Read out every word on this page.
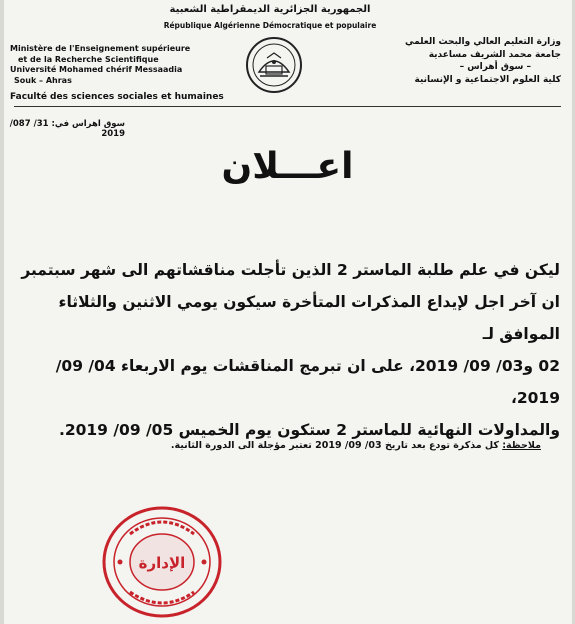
الجمهورية الجزائرية الديمقراطية الشعبية
République Algérienne Démocratique et populaire
Ministère de l'Enseignement supérieure
et de la Recherche Scientifique
Université Mohamed chérif Messaadia
Souk – Ahras
Faculté des sciences sociales et humaines
وزارة التعليم العالي والبحث العلمي
جامعة محمد الشريف مساعدية
– سوق أهراس –
كلية العلوم الاجتماعية و الإنسانية
سوق اهراس في: 31/ 087/ 2019
اعـــلان
ليكن في علم طلبة الماستر 2 الذين تأجلت مناقشاتهم الى شهر سبتمبر
ان آخر اجل لإيداع المذكرات المتأخرة سيكون يومي الاثنين والثلاثاء الموافق لـ
02 و03/ 09/ 2019، على ان تبرمج المناقشات يوم الاربعاء 04/ 09/ 2019،
والمداولات النهائية للماستر 2 ستكون يوم الخميس 05/ 09/ 2019.
ملاحظة: كل مذكرة تودع بعد تاريخ 03/ 09/ 2019 تعتبر مؤجلة الى الدورة الثانية.
الإدارة
